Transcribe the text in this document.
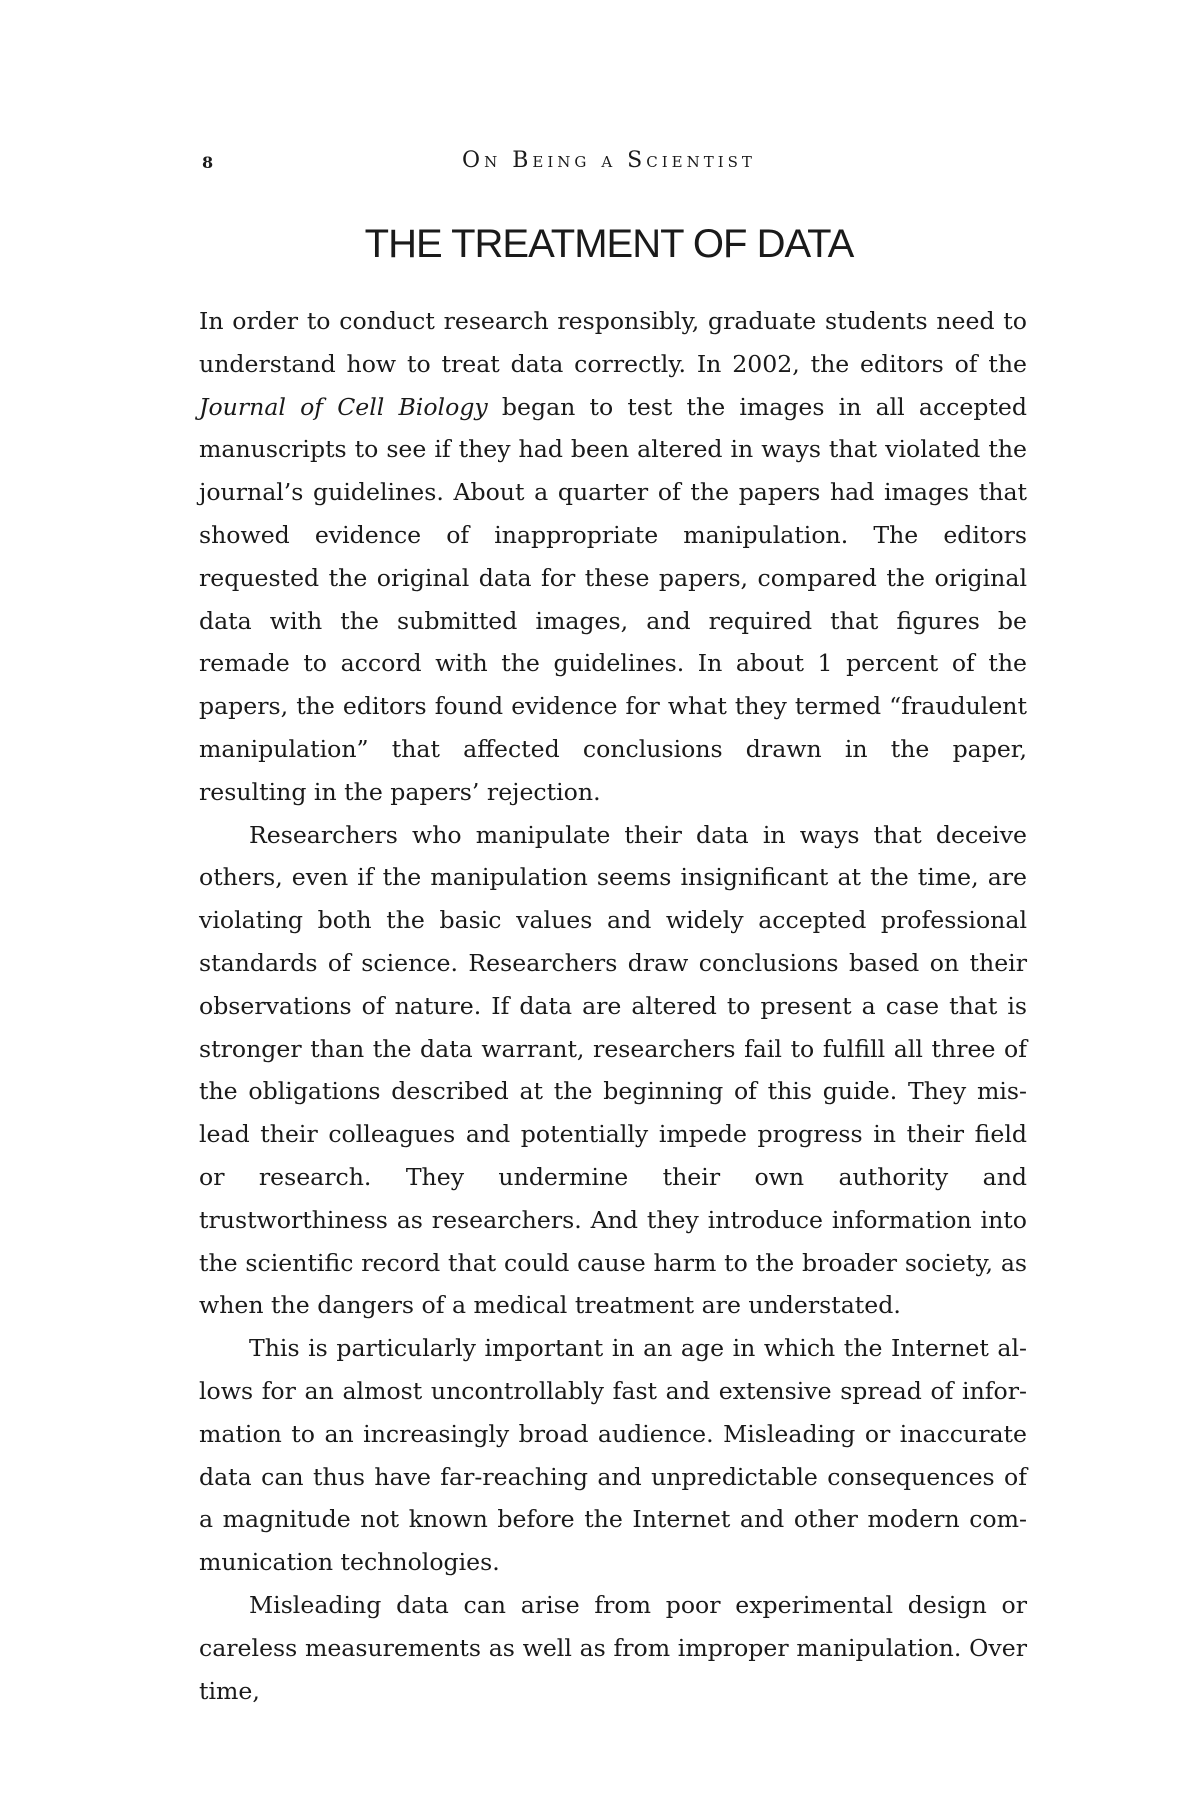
8	On Being a Scientist
THE TREATMENT OF DATA

In order to conduct research responsibly, graduate students need to understand how to treat data correctly. In 2002, the editors of the Journal of Cell Biology began to test the images in all accepted manuscripts to see if they had been altered in ways that violated the journal’s guidelines. About a quarter of the papers had images that showed evidence of inappropriate manipulation. The editors requested the original data for these papers, compared the original data with the submitted images, and required that figures be remade to accord with the guidelines. In about 1 percent of the papers, the editors found evidence for what they termed “fraudulent manipulation” that affected conclusions drawn in the paper, resulting in the papers’ rejection.

Researchers who manipulate their data in ways that deceive others, even if the manipulation seems insignificant at the time, are violating both the basic values and widely accepted professional standards of science. Researchers draw conclusions based on their observations of nature. If data are altered to present a case that is stronger than the data warrant, researchers fail to fulfill all three of the obligations described at the beginning of this guide. They mislead their colleagues and potentially impede progress in their field or research. They undermine their own authority and trustworthiness as researchers. And they introduce information into the scientific record that could cause harm to the broader society, as when the dangers of a medical treatment are understated.

This is particularly important in an age in which the Internet allows for an almost uncontrollably fast and extensive spread of information to an increasingly broad audience. Misleading or inaccurate data can thus have far-reaching and unpredictable consequences of a magnitude not known before the Internet and other modern communication technologies.

Misleading data can arise from poor experimental design or careless measurements as well as from improper manipulation. Over time,
